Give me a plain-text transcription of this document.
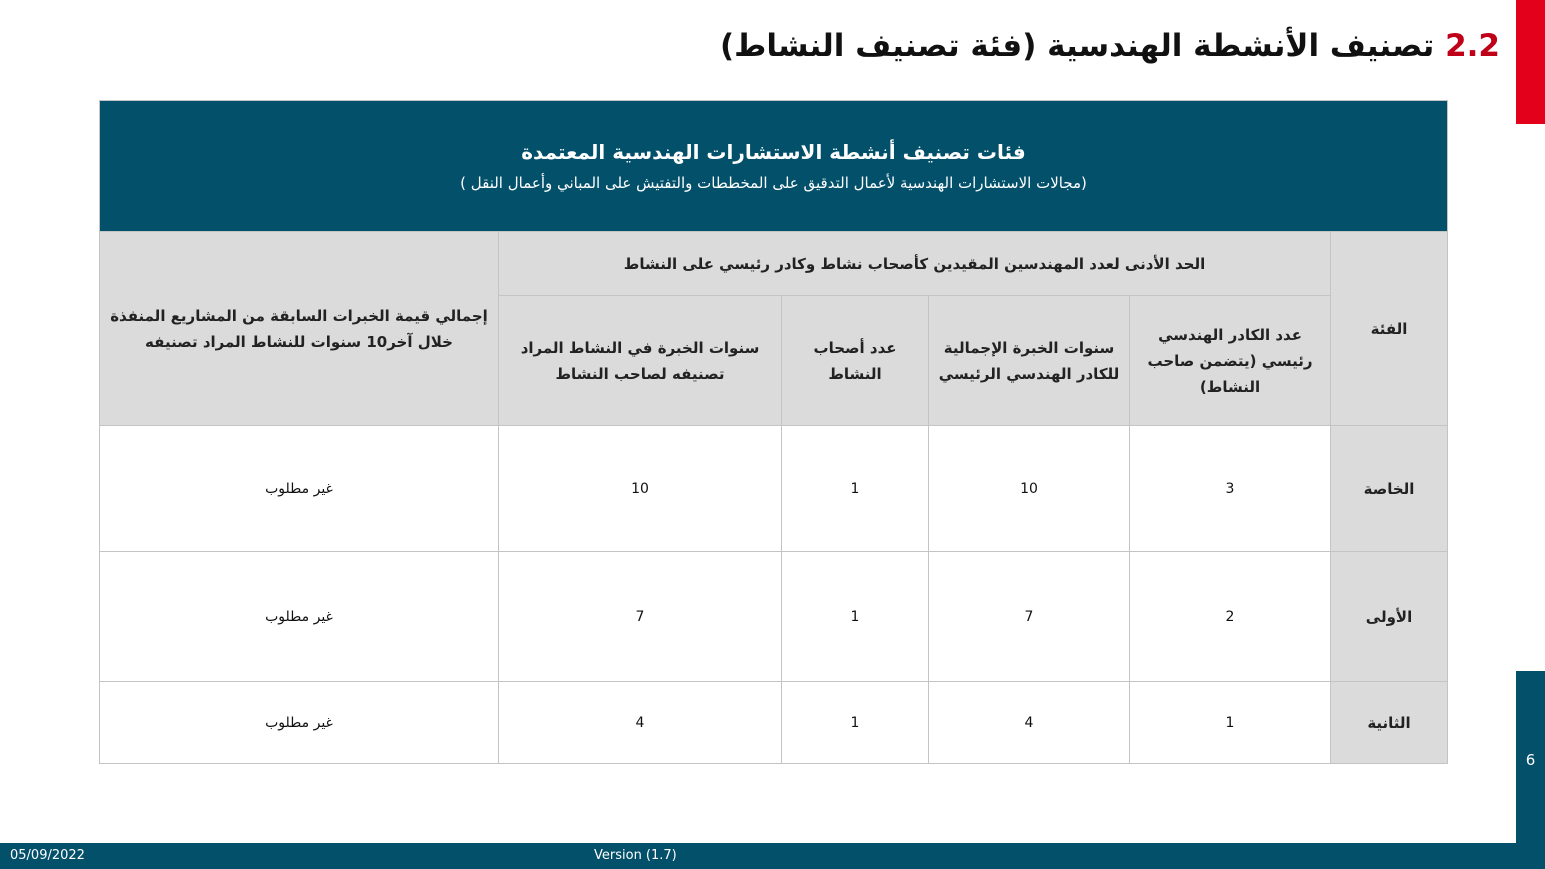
6
2.2 تصنيف الأنشطة الهندسية (فئة تصنيف النشاط)
فئات تصنيف أنشطة الاستشارات الهندسية المعتمدة
(مجالات الاستشارات الهندسية لأعمال التدقيق على المخططات والتفتيش على المباني وأعمال النقل )					

الفئة	الحد الأدنى لعدد المهندسين المقيدين كأصحاب نشاط وكادر رئيسي على النشاط				إجمالي قيمة الخبرات السابقة من المشاريع المنفذة خلال آخر10 سنوات للنشاط المراد تصنيفه
	عدد الكادر الهندسي رئيسي (يتضمن صاحب النشاط)	سنوات الخبرة الإجمالية للكادر الهندسي الرئيسي	عدد أصحاب النشاط	سنوات الخبرة في النشاط المراد تصنيفه لصاحب النشاط	
الخاصة	3	10	1	10	غير مطلوب
الأولى	2	7	1	7	غير مطلوب
الثانية	1	4	1	4	غير مطلوب
05/09/2022	Version (1.7)
